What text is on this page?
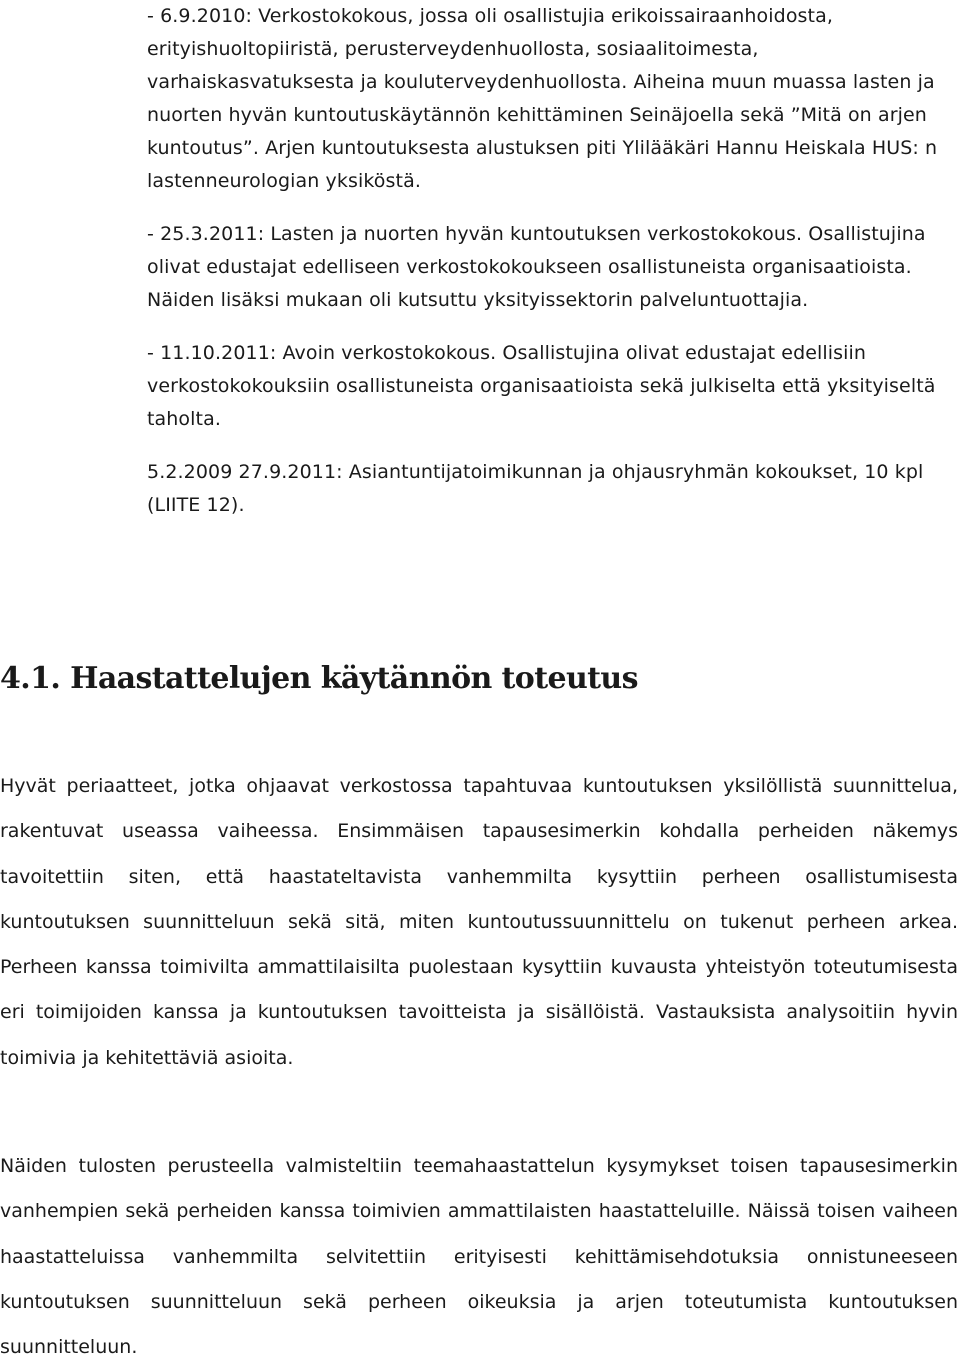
- 6.9.2010: Verkostokokous, jossa oli osallistujia erikoissairaanhoidosta, erityishuoltopiiristä, perusterveydenhuollosta, sosiaalitoimesta, varhaiskasvatuksesta ja kouluterveydenhuollosta. Aiheina muun muassa lasten ja nuorten hyvän kuntoutuskäytännön kehittäminen Seinäjoella sekä ”Mitä on arjen kuntoutus”. Arjen kuntoutuksesta alustuksen piti Ylilääkäri Hannu Heiskala HUS: n lastenneurologian yksiköstä.

- 25.3.2011: Lasten ja nuorten hyvän kuntoutuksen verkostokokous. Osallistujina olivat edustajat edelliseen verkostokokoukseen osallistuneista organisaatioista. Näiden lisäksi mukaan oli kutsuttu yksityissektorin palveluntuottajia.

- 11.10.2011: Avoin verkostokokous. Osallistujina olivat edustajat edellisiin verkostokokouksiin osallistuneista organisaatioista sekä julkiselta että yksityiseltä taholta.

5.2.2009 27.9.2011: Asiantuntijatoimikunnan ja ohjausryhmän kokoukset, 10 kpl (LIITE 12).

4.1. Haastattelujen käytännön toteutus

Hyvät periaatteet, jotka ohjaavat verkostossa tapahtuvaa kuntoutuksen yksilöllistä suunnittelua, rakentuvat useassa vaiheessa. Ensimmäisen tapausesimerkin kohdalla perheiden näkemys tavoitettiin siten, että haastateltavista vanhemmilta kysyttiin perheen osallistumisesta kuntoutuksen suunnitteluun sekä sitä, miten kuntoutussuunnittelu on tukenut perheen arkea. Perheen kanssa toimivilta ammattilaisilta puolestaan kysyttiin kuvausta yhteistyön toteutumisesta eri toimijoiden kanssa ja kuntoutuksen tavoitteista ja sisällöistä. Vastauksista analysoitiin hyvin toimivia ja kehitettäviä asioita.

Näiden tulosten perusteella valmisteltiin teemahaastattelun kysymykset toisen tapausesimerkin vanhempien sekä perheiden kanssa toimivien ammattilaisten haastatteluille. Näissä toisen vaiheen haastatteluissa vanhemmilta selvitettiin erityisesti kehittämisehdotuksia onnistuneeseen kuntoutuksen suunnitteluun sekä perheen oikeuksia ja arjen toteutumista kuntoutuksen suunnitteluun.
